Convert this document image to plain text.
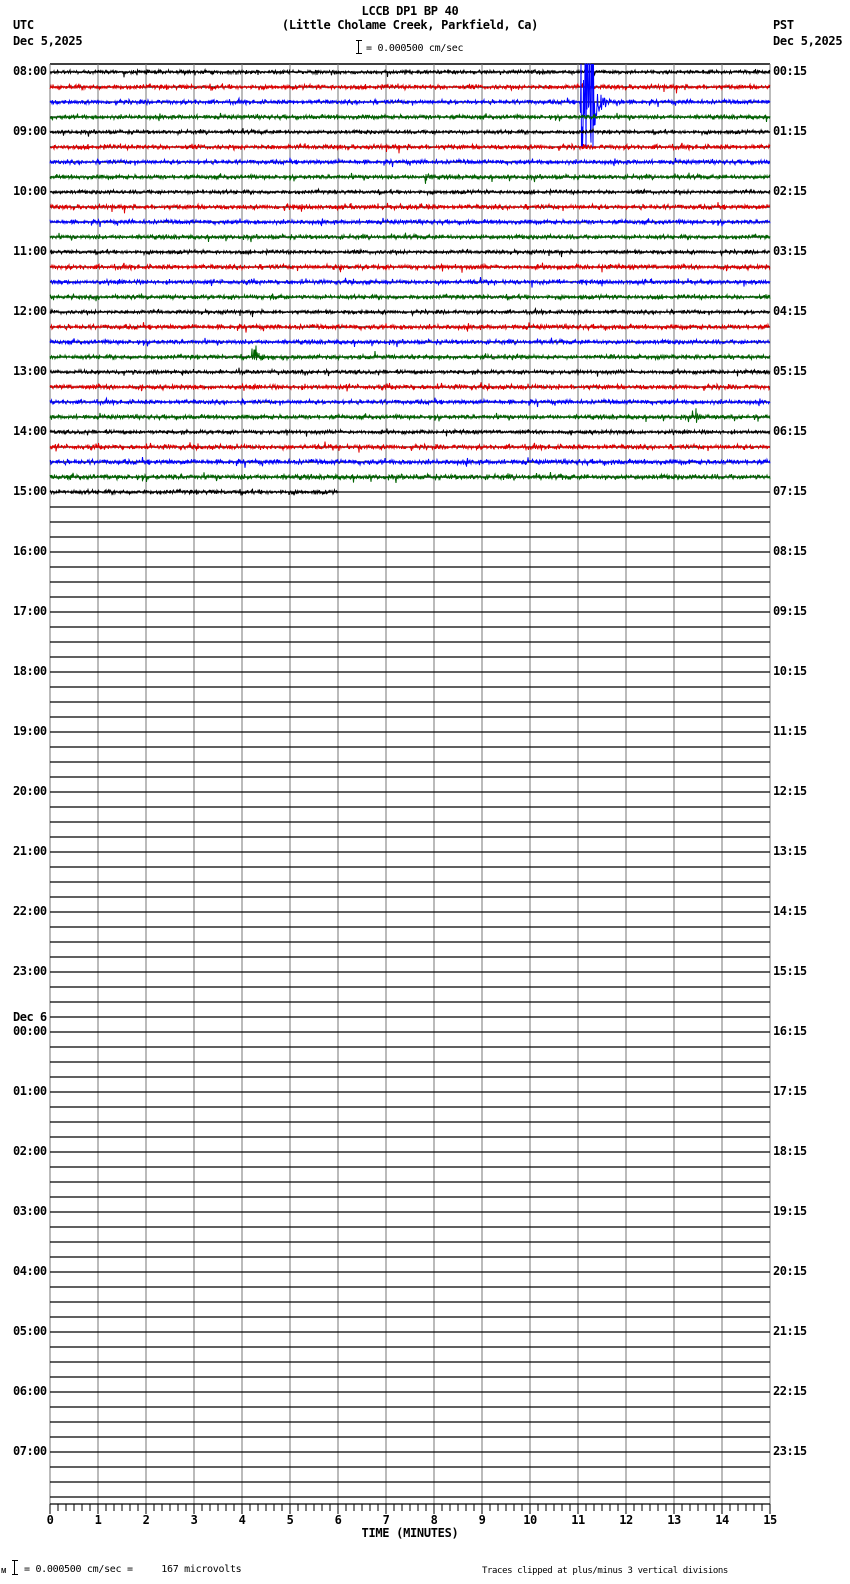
LCCB DP1 BP 40
(Little Cholame Creek, Parkfield, Ca)
= 0.000500 cm/sec
UTC
Dec 5,2025
PST
Dec 5,2025
08:00
09:00
10:00
11:00
12:00
13:00
14:00
15:00
16:00
17:00
18:00
19:00
20:00
21:00
22:00
23:00
00:00
Dec 6
01:00
02:00
03:00
04:00
05:00
06:00
07:00
00:15
01:15
02:15
03:15
04:15
05:15
06:15
07:15
08:15
09:15
10:15
11:15
12:15
13:15
14:15
15:15
16:15
17:15
18:15
19:15
20:15
21:15
22:15
23:15
0	1	2	3	4	5	6	7	8	9	10	11	12	13	14	15
TIME (MINUTES)
ᴍ = 0.000500 cm/sec =     167 microvolts	Traces clipped at plus/minus 3 vertical divisions
